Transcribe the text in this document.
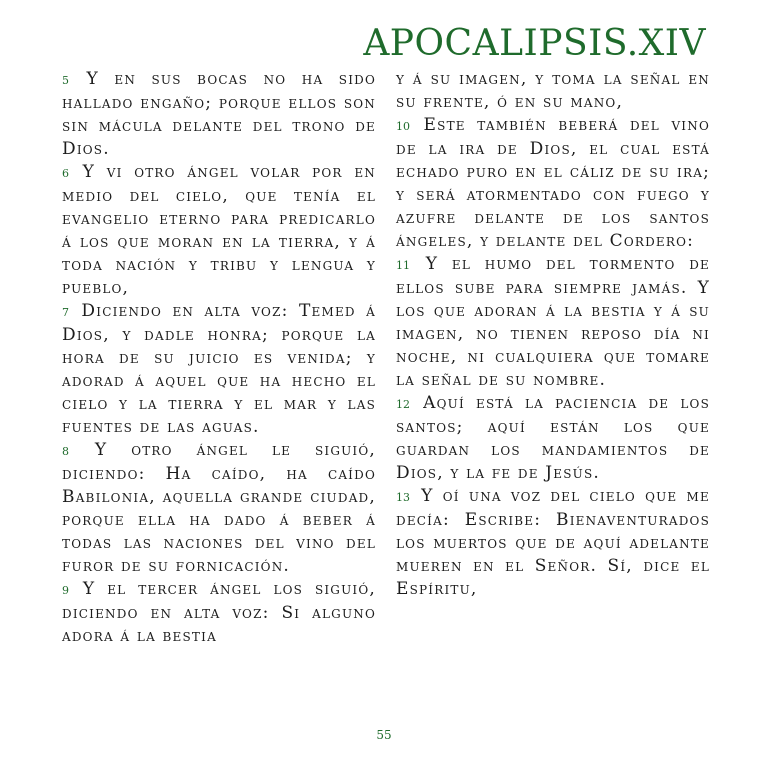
APOCALIPSIS.XIV

5 Y en sus bocas no ha sido hallado engaño; porque ellos son sin mácula delante del trono de Dios.

6 Y vi otro ángel volar por en medio del cielo, que tenía el evangelio eterno para predicarlo á los que moran en la tierra, y á toda nación y tribu y lengua y pueblo,

7 Diciendo en alta voz: Temed á Dios, y dadle honra; porque la hora de su juicio es venida; y adorad á aquel que ha hecho el cielo y la tierra y el mar y las fuentes de las aguas.

8 Y otro ángel le siguió, diciendo: Ha caído, ha caído Babilonia, aquella grande ciudad, porque ella ha dado á beber á todas las naciones del vino del furor de su fornicación.

9 Y el tercer ángel los siguió, diciendo en alta voz: Si alguno adora á la bestia

y á su imagen, y toma la señal en su frente, ó en su mano,

10 Este también beberá del vino de la ira de Dios, el cual está echado puro en el cáliz de su ira; y será atormentado con fuego y azufre delante de los santos ángeles, y delante del Cordero:

11 Y el humo del tormento de ellos sube para siempre jamás. Y los que adoran á la bestia y á su imagen, no tienen reposo día ni noche, ni cualquiera que tomare la señal de su nombre.

12 Aquí está la paciencia de los santos; aquí están los que guardan los mandamientos de Dios, y la fe de Jesús.

13 Y oí una voz del cielo que me decía: Escribe: Bienaventurados los muertos que de aquí adelante mueren en el Señor. Sí, dice el Espíritu,

55
